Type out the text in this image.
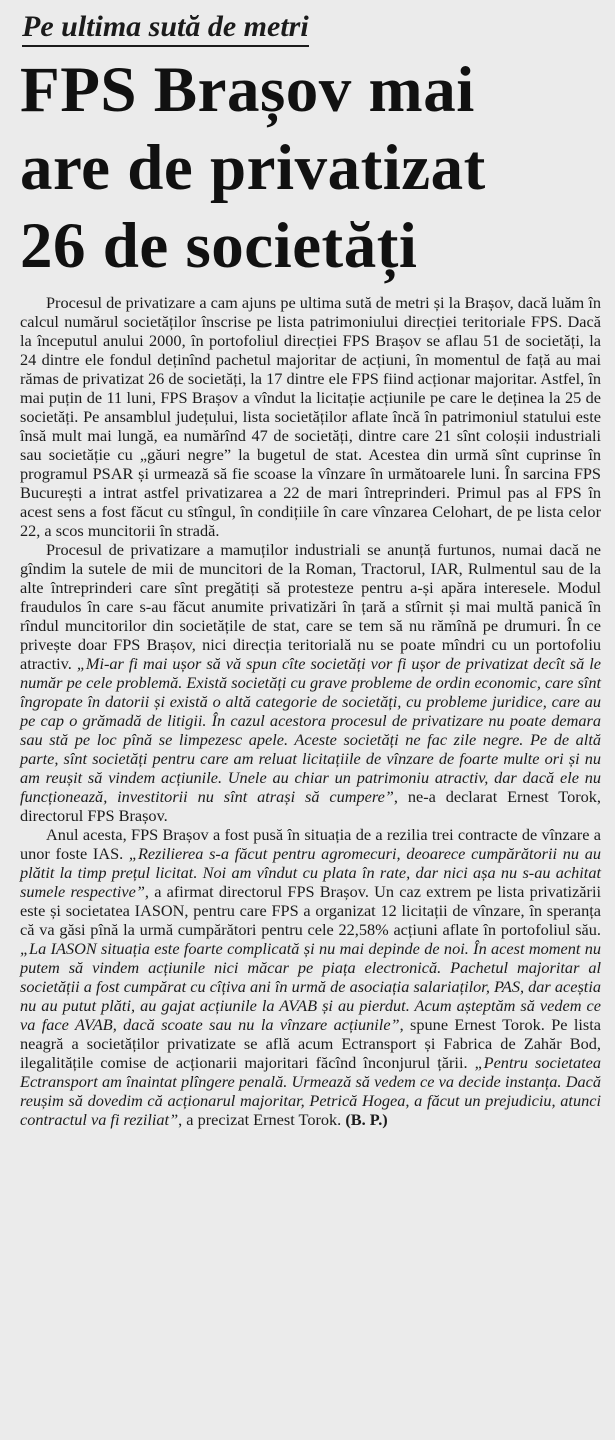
Pe ultima sută de metri
FPS Brașov mai
are de privatizat
26 de societăți

Procesul de privatizare a cam ajuns pe ultima sută de metri și la Brașov, dacă luăm în calcul numărul societăților înscrise pe lista patrimoniului direcției teritoriale FPS. Dacă la începutul anului 2000, în portofoliul direcției FPS Brașov se aflau 51 de societăți, la 24 dintre ele fondul deținînd pachetul majoritar de acțiuni, în momentul de față au mai rămas de privatizat 26 de societăți, la 17 dintre ele FPS fiind acționar majoritar. Astfel, în mai puțin de 11 luni, FPS Brașov a vîndut la licitație acțiunile pe care le deținea la 25 de societăți. Pe ansamblul județului, lista societăților aflate încă în patrimoniul statului este însă mult mai lungă, ea numărînd 47 de societăți, dintre care 21 sînt coloșii industriali sau societăție cu „găuri negre” la bugetul de stat. Acestea din urmă sînt cuprinse în programul PSAR și urmează să fie scoase la vînzare în următoarele luni. În sarcina FPS București a intrat astfel privatizarea a 22 de mari întreprinderi. Primul pas al FPS în acest sens a fost făcut cu stîngul, în condițiile în care vînzarea Celohart, de pe lista celor 22, a scos muncitorii în stradă.

Procesul de privatizare a mamuților industriali se anunță furtunos, numai dacă ne gîndim la sutele de mii de muncitori de la Roman, Tractorul, IAR, Rulmentul sau de la alte întreprinderi care sînt pregătiți să protesteze pentru a-și apăra interesele. Modul fraudulos în care s-au făcut anumite privatizări în țară a stîrnit și mai multă panică în rîndul muncitorilor din societățile de stat, care se tem să nu rămînă pe drumuri. În ce privește doar FPS Brașov, nici direcția teritorială nu se poate mîndri cu un portofoliu atractiv. „Mi-ar fi mai ușor să vă spun cîte societăți vor fi ușor de privatizat decît să le număr pe cele problemă. Există societăți cu grave probleme de ordin economic, care sînt îngropate în datorii și există o altă categorie de societăți, cu probleme juridice, care au pe cap o grămadă de litigii. În cazul acestora procesul de privatizare nu poate demara sau stă pe loc pînă se limpezesc apele. Aceste societăți ne fac zile negre. Pe de altă parte, sînt societăți pentru care am reluat licitațiile de vînzare de foarte multe ori și nu am reușit să vindem acțiunile. Unele au chiar un patrimoniu atractiv, dar dacă ele nu funcționează, investitorii nu sînt atrași să cumpere”, ne-a declarat Ernest Torok, directorul FPS Brașov.

Anul acesta, FPS Brașov a fost pusă în situația de a rezilia trei contracte de vînzare a unor foste IAS. „Rezilierea s-a făcut pentru agromecuri, deoarece cumpărătorii nu au plătit la timp prețul licitat. Noi am vîndut cu plata în rate, dar nici așa nu s-au achitat sumele respective”, a afirmat directorul FPS Brașov. Un caz extrem pe lista privatizării este și societatea IASON, pentru care FPS a organizat 12 licitații de vînzare, în speranța că va găsi pînă la urmă cumpărători pentru cele 22,58% acțiuni aflate în portofoliul său. „La IASON situația este foarte complicată și nu mai depinde de noi. În acest moment nu putem să vindem acțiunile nici măcar pe piața electronică. Pachetul majoritar al societății a fost cumpărat cu cîțiva ani în urmă de asociația salariaților, PAS, dar aceștia nu au putut plăti, au gajat acțiunile la AVAB și au pierdut. Acum așteptăm să vedem ce va face AVAB, dacă scoate sau nu la vînzare acțiunile”, spune Ernest Torok. Pe lista neagră a societăților privatizate se află acum Ectransport și Fabrica de Zahăr Bod, ilegalitățile comise de acționarii majoritari făcînd înconjurul țării. „Pentru societatea Ectransport am înaintat plîngere penală. Urmează să vedem ce va decide instanța. Dacă reușim să dovedim că acționarul majoritar, Petrică Hogea, a făcut un prejudiciu, atunci contractul va fi reziliat”, a precizat Ernest Torok. (B. P.)
